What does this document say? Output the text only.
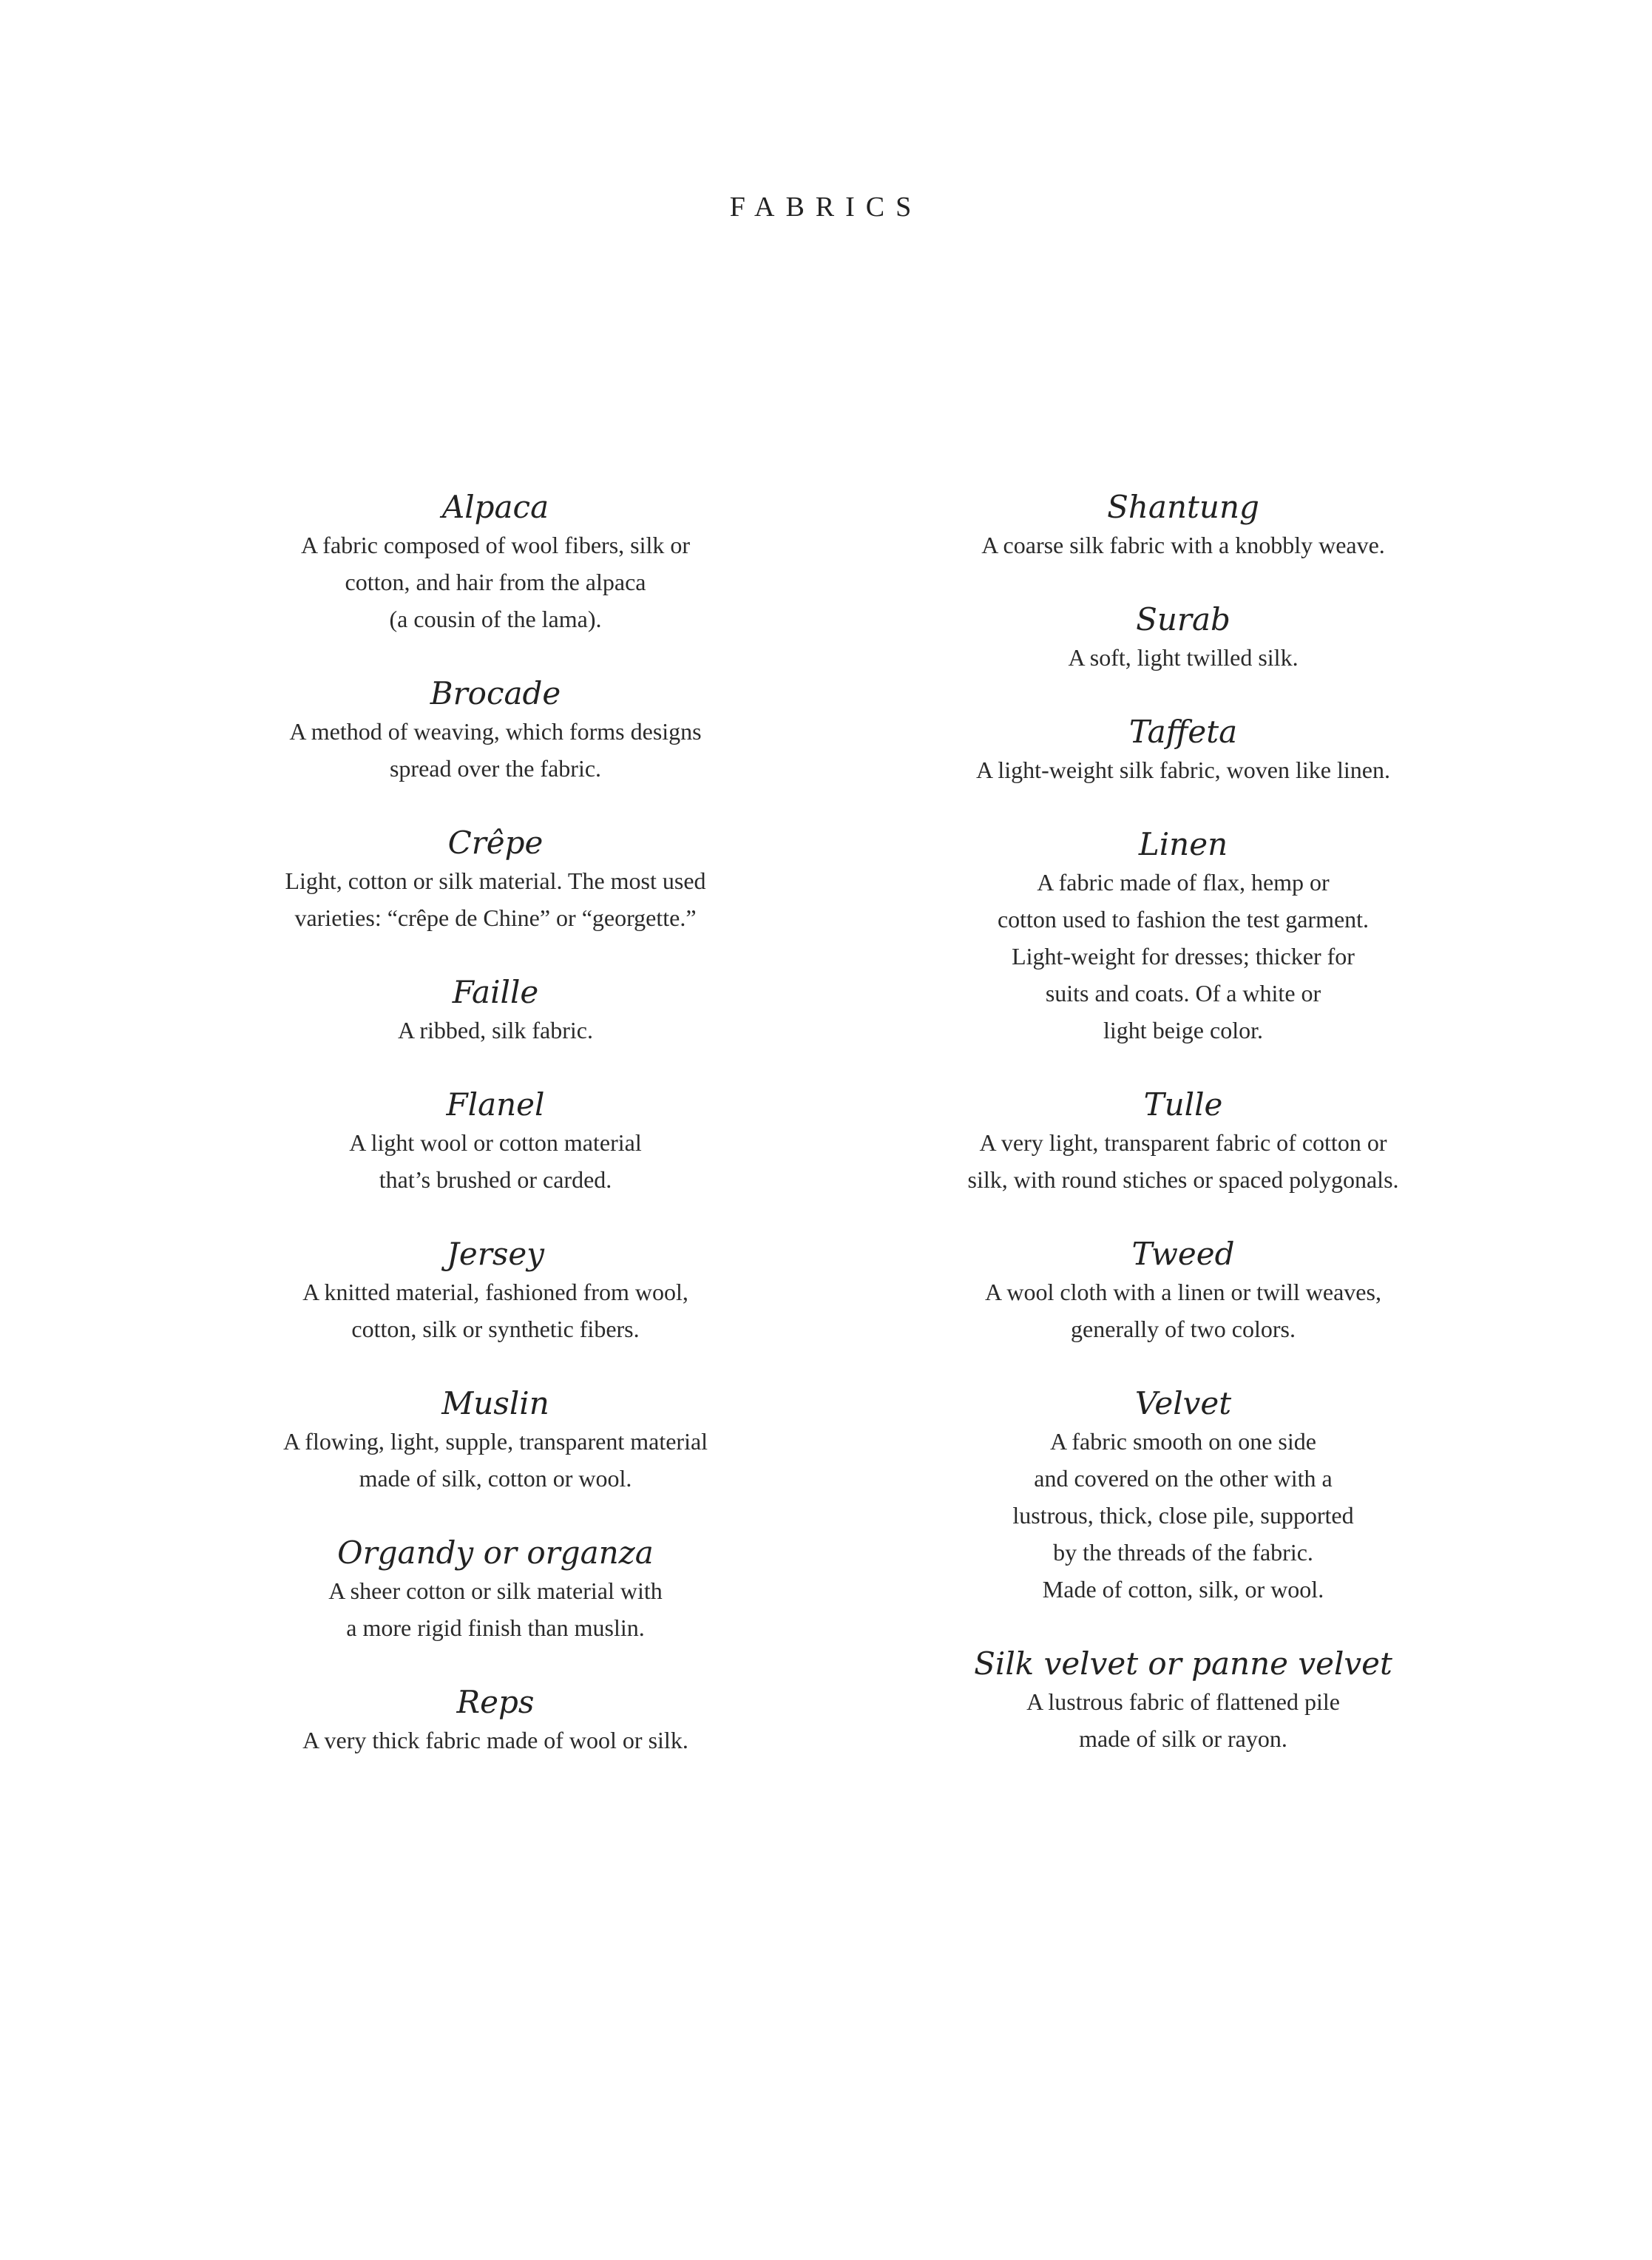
FABRICS

Alpaca

A fabric composed of wool fibers, silk or
cotton, and hair from the alpaca
(a cousin of the lama).

Brocade

A method of weaving, which forms designs
spread over the fabric.

Crêpe

Light, cotton or silk material. The most used
varieties: “crêpe de Chine” or “georgette.”

Faille

A ribbed, silk fabric.

Flanel

A light wool or cotton material
that’s brushed or carded.

Jersey

A knitted material, fashioned from wool,
cotton, silk or synthetic fibers.

Muslin

A flowing, light, supple, transparent material
made of silk, cotton or wool.

Organdy or organza

A sheer cotton or silk material with
a more rigid finish than muslin.

Reps

A very thick fabric made of wool or silk.

Shantung

A coarse silk fabric with a knobbly weave.

Surab

A soft, light twilled silk.

Taffeta

A light-weight silk fabric, woven like linen.

Linen

A fabric made of flax, hemp or
cotton used to fashion the test garment.
Light-weight for dresses; thicker for
suits and coats. Of a white or
light beige color.

Tulle

A very light, transparent fabric of cotton or
silk, with round stiches or spaced polygonals.

Tweed

A wool cloth with a linen or twill weaves,
generally of two colors.

Velvet

A fabric smooth on one side
and covered on the other with a
lustrous, thick, close pile, supported
by the threads of the fabric.
Made of cotton, silk, or wool.

Silk velvet or panne velvet

A lustrous fabric of flattened pile
made of silk or rayon.
